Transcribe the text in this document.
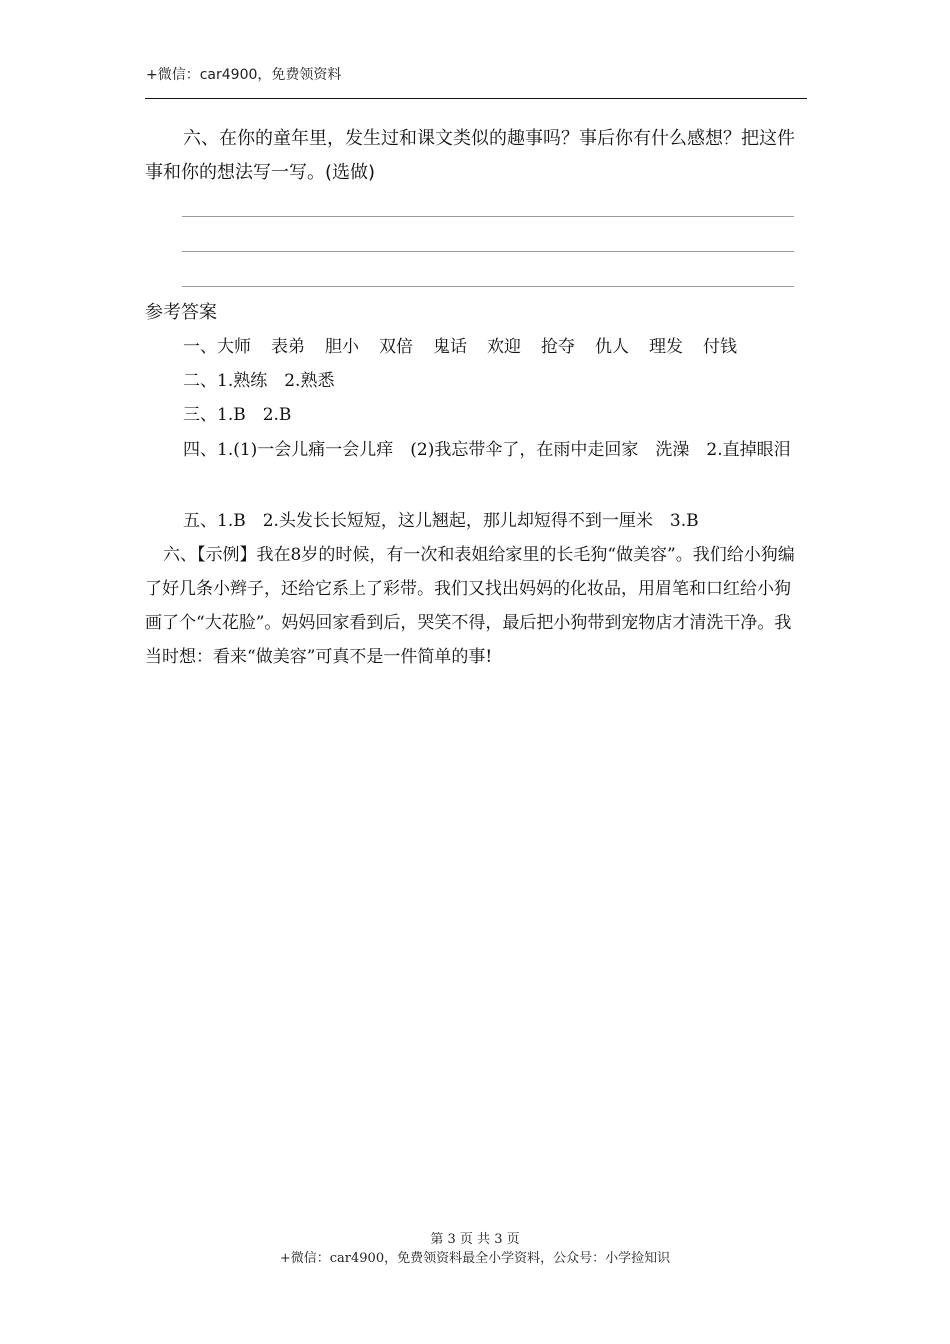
+微信：car4900，免费领资料

六、在你的童年里，发生过和课文类似的趣事吗？事后你有什么感想？把这件事和你的想法写一写。(选做)

参考答案

一、大师 表弟 胆小 双倍 鬼话 欢迎 抢夺 仇人 理发 付钱

二、1.熟练　2.熟悉

三、1.B　2.B

四、1.(1)一会儿痛一会儿痒　(2)我忘带伞了，在雨中走回家　洗澡　2.直掉眼泪

五、1.B　2.头发长长短短，这儿翘起，那儿却短得不到一厘米　3.B

六、【示例】我在8岁的时候，有一次和表姐给家里的长毛狗“做美容”。我们给小狗编了好几条小辫子，还给它系上了彩带。我们又找出妈妈的化妆品，用眉笔和口红给小狗画了个“大花脸”。妈妈回家看到后，哭笑不得，最后把小狗带到宠物店才清洗干净。我当时想：看来“做美容”可真不是一件简单的事!

第 3 页 共 3 页
+微信：car4900，免费领资料最全小学资料，公众号：小学捡知识
